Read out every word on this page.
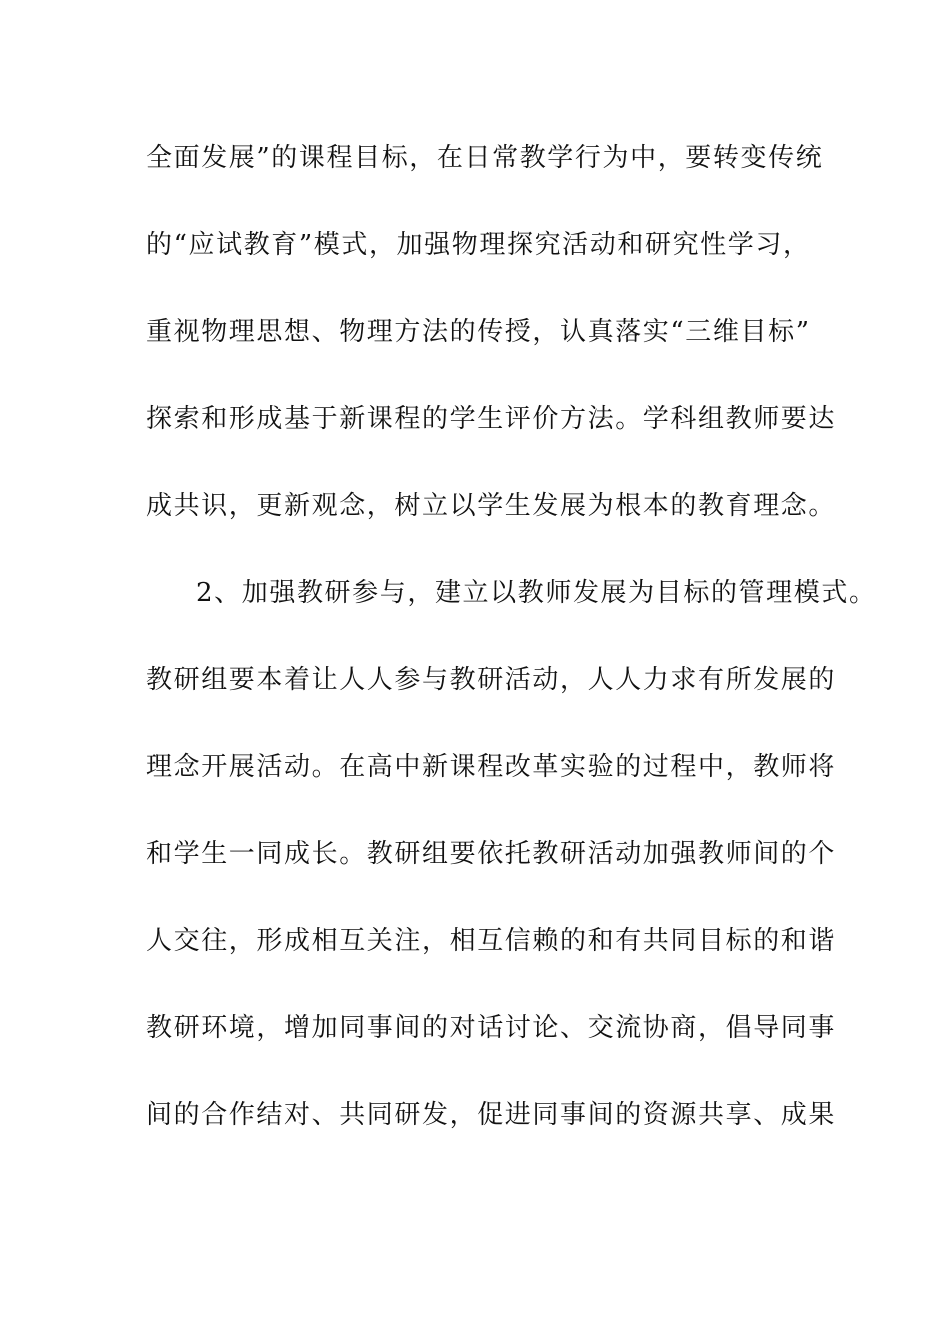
全面发展”的课程目标，在日常教学行为中，要转变传统
的“应试教育”模式，加强物理探究活动和研究性学习，
重视物理思想、物理方法的传授，认真落实“三维目标”
探索和形成基于新课程的学生评价方法。学科组教师要达
成共识，更新观念，树立以学生发展为根本的教育理念。
2、加强教研参与，建立以教师发展为目标的管理模式。
教研组要本着让人人参与教研活动，人人力求有所发展的
理念开展活动。在高中新课程改革实验的过程中，教师将
和学生一同成长。教研组要依托教研活动加强教师间的个
人交往，形成相互关注，相互信赖的和有共同目标的和谐
教研环境，增加同事间的对话讨论、交流协商，倡导同事
间的合作结对、共同研发，促进同事间的资源共享、成果
